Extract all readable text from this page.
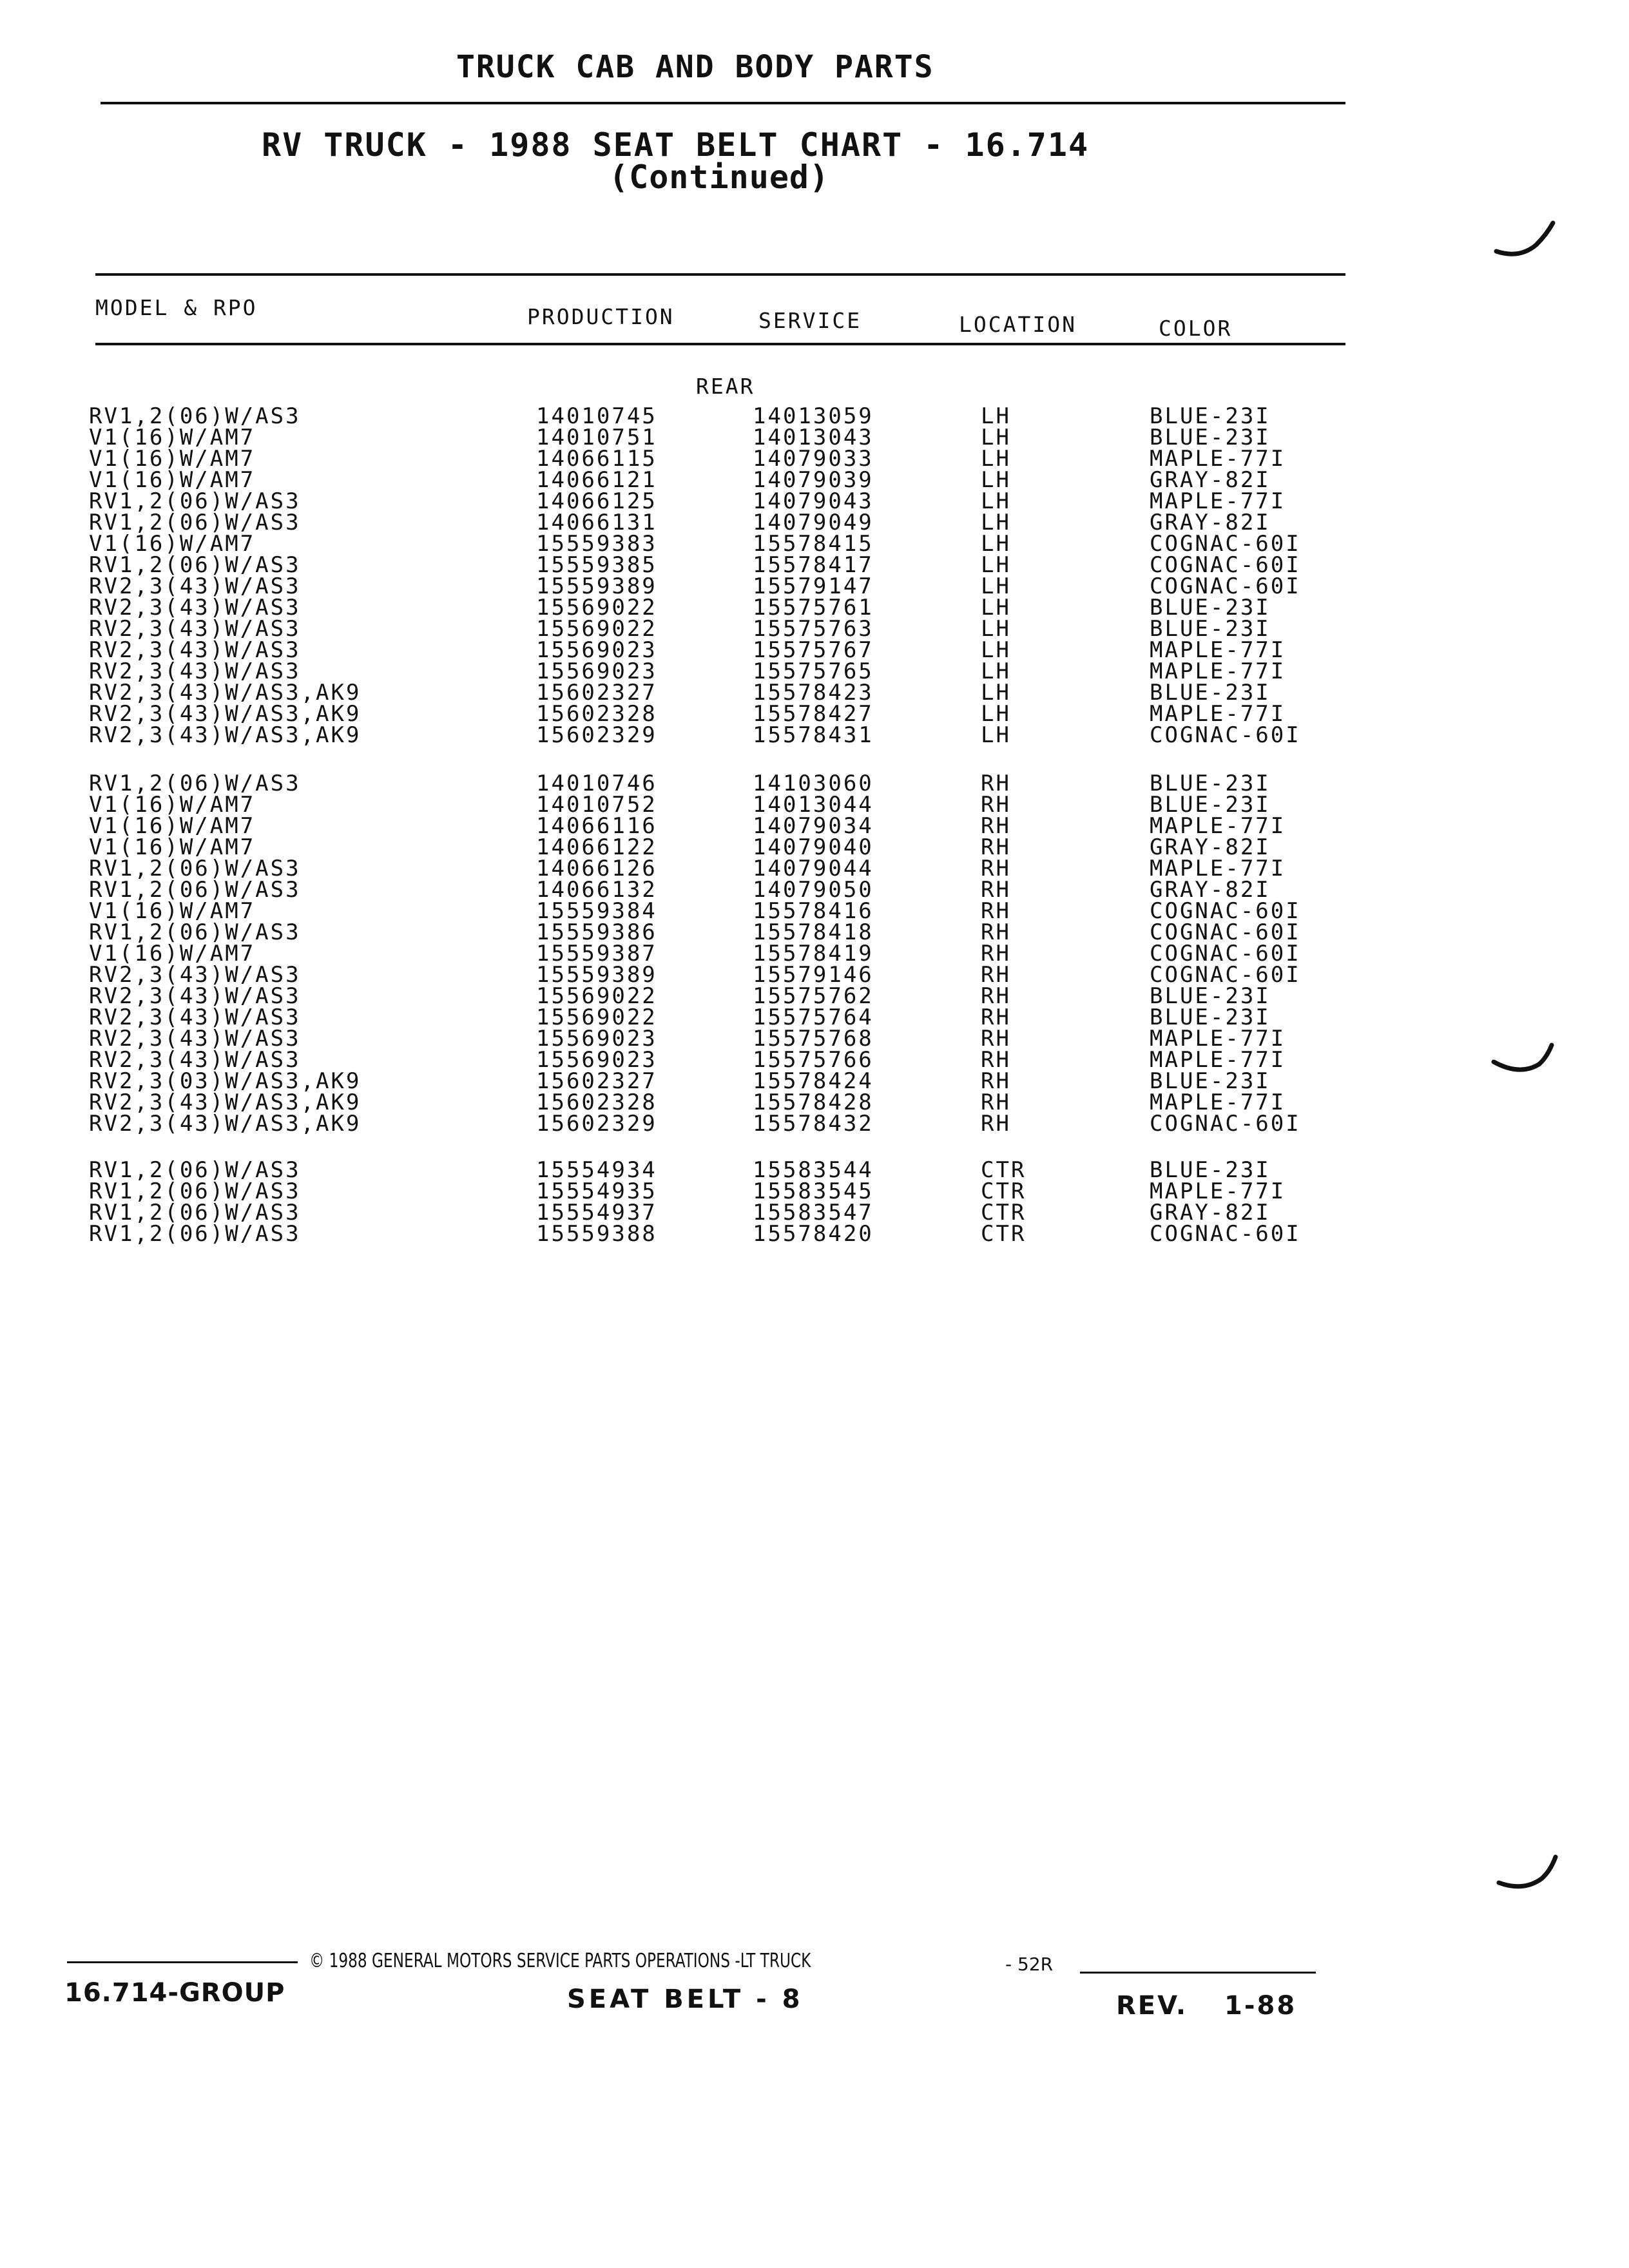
TRUCK CAB AND BODY PARTS
RV TRUCK - 1988 SEAT BELT CHART - 16.714
(Continued)
MODEL & RPO	PRODUCTION	SERVICE	LOCATION	COLOR
REAR
RV1,2(06)W/AS3	14010745	14013059	LH	BLUE-23I
V1(16)W/AM7	14010751	14013043	LH	BLUE-23I
V1(16)W/AM7	14066115	14079033	LH	MAPLE-77I
V1(16)W/AM7	14066121	14079039	LH	GRAY-82I
RV1,2(06)W/AS3	14066125	14079043	LH	MAPLE-77I
RV1,2(06)W/AS3	14066131	14079049	LH	GRAY-82I
V1(16)W/AM7	15559383	15578415	LH	COGNAC-60I
RV1,2(06)W/AS3	15559385	15578417	LH	COGNAC-60I
RV2,3(43)W/AS3	15559389	15579147	LH	COGNAC-60I
RV2,3(43)W/AS3	15569022	15575761	LH	BLUE-23I
RV2,3(43)W/AS3	15569022	15575763	LH	BLUE-23I
RV2,3(43)W/AS3	15569023	15575767	LH	MAPLE-77I
RV2,3(43)W/AS3	15569023	15575765	LH	MAPLE-77I
RV2,3(43)W/AS3,AK9	15602327	15578423	LH	BLUE-23I
RV2,3(43)W/AS3,AK9	15602328	15578427	LH	MAPLE-77I
RV2,3(43)W/AS3,AK9	15602329	15578431	LH	COGNAC-60I
RV1,2(06)W/AS3	14010746	14103060	RH	BLUE-23I
V1(16)W/AM7	14010752	14013044	RH	BLUE-23I
V1(16)W/AM7	14066116	14079034	RH	MAPLE-77I
V1(16)W/AM7	14066122	14079040	RH	GRAY-82I
RV1,2(06)W/AS3	14066126	14079044	RH	MAPLE-77I
RV1,2(06)W/AS3	14066132	14079050	RH	GRAY-82I
V1(16)W/AM7	15559384	15578416	RH	COGNAC-60I
RV1,2(06)W/AS3	15559386	15578418	RH	COGNAC-60I
V1(16)W/AM7	15559387	15578419	RH	COGNAC-60I
RV2,3(43)W/AS3	15559389	15579146	RH	COGNAC-60I
RV2,3(43)W/AS3	15569022	15575762	RH	BLUE-23I
RV2,3(43)W/AS3	15569022	15575764	RH	BLUE-23I
RV2,3(43)W/AS3	15569023	15575768	RH	MAPLE-77I
RV2,3(43)W/AS3	15569023	15575766	RH	MAPLE-77I
RV2,3(03)W/AS3,AK9	15602327	15578424	RH	BLUE-23I
RV2,3(43)W/AS3,AK9	15602328	15578428	RH	MAPLE-77I
RV2,3(43)W/AS3,AK9	15602329	15578432	RH	COGNAC-60I
RV1,2(06)W/AS3	15554934	15583544	CTR	BLUE-23I
RV1,2(06)W/AS3	15554935	15583545	CTR	MAPLE-77I
RV1,2(06)W/AS3	15554937	15583547	CTR	GRAY-82I
RV1,2(06)W/AS3	15559388	15578420	CTR	COGNAC-60I
© 1988 GENERAL MOTORS SERVICE PARTS OPERATIONS -LT TRUCK	- 52R
16.714-GROUP	SEAT BELT - 8	REV. 1-88
